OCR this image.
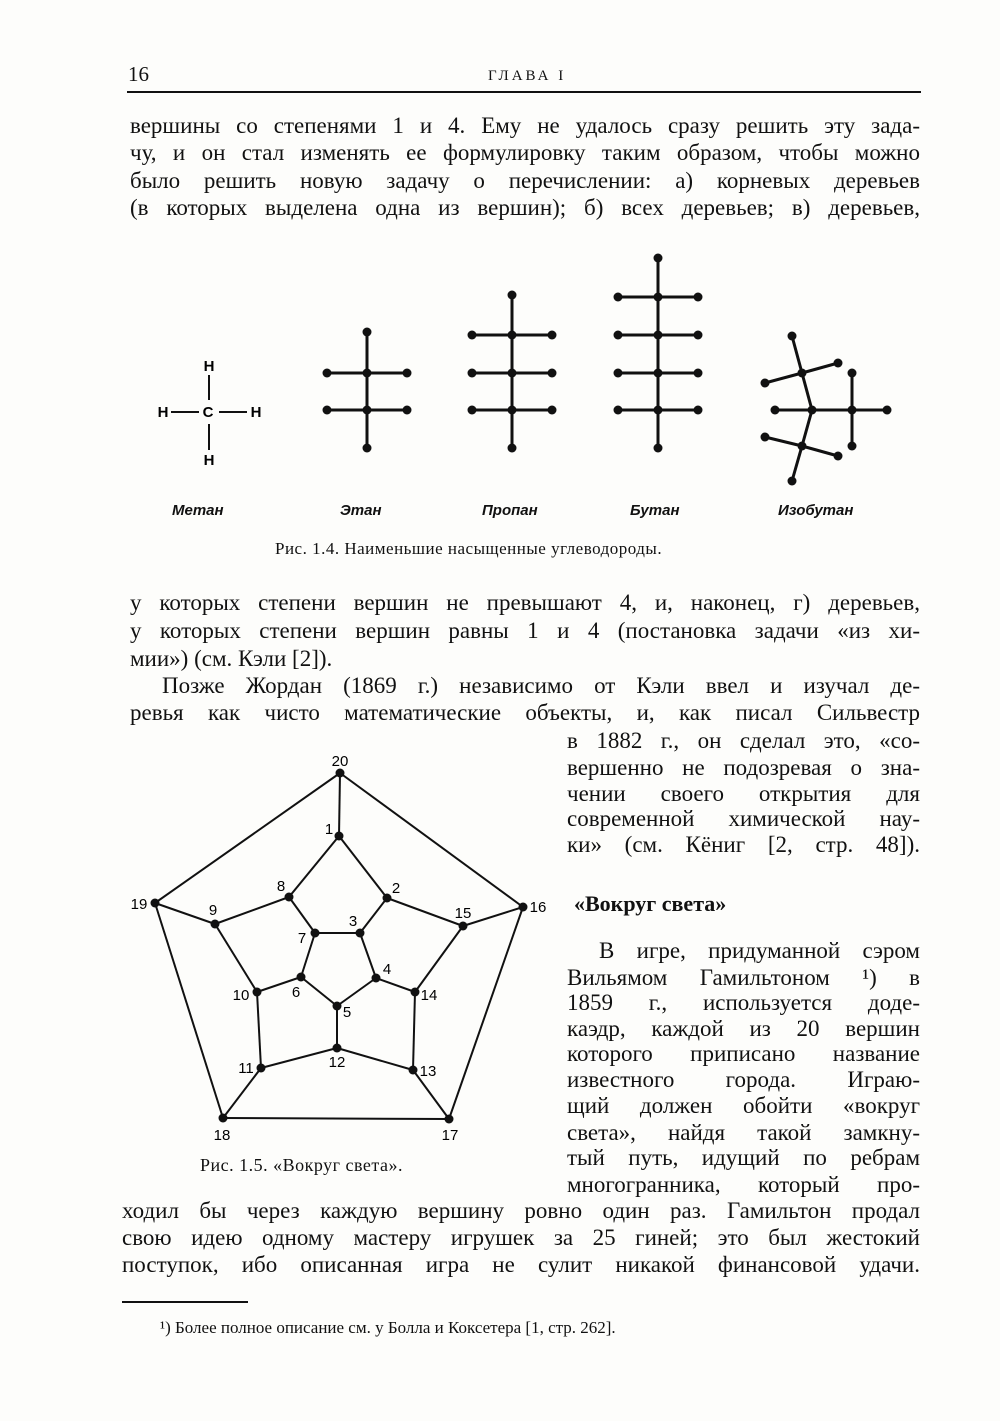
16	ГЛАВА I
вершины со степенями 1 и 4. Ему не удалось сразу решить эту зада-
чу, и он стал изменять ее формулировку таким образом, чтобы можно
было решить новую задачу о перечислении: а) корневых деревьев
(в которых выделена одна из вершин); б) всех деревьев; в) деревьев,
у которых степени вершин не превышают 4, и, наконец, г) деревьев,
у которых степени вершин равны 1 и 4 (постановка задачи «из хи-
мии») (см. Кэли [2]).
Позже Жордан (1869 г.) независимо от Кэли ввел и изучал де-
ревья как чисто математические объекты, и, как писал Сильвестр
в 1882 г., он сделал это, «со-
вершенно не подозревая о зна-
чении своего открытия для
современной химической нау-
ки» (см. Кёниг [2, стр. 48]).
В игре, придуманной сэром
Вильямом Гамильтоном ¹) в
1859 г., используется доде-
каэдр, каждой из 20 вершин
которого приписано название
известного города. Играю-
щий должен обойти «вокруг
света», найдя такой замкну-
тый путь, идущий по ребрам
многогранника, который про-
ходил бы через каждую вершину ровно один раз. Гамильтон продал
свою идею одному мастеру игрушек за 25 гиней; это был жестокий
поступок, ибо описанная игра не сулит никакой финансовой удачи.
H
H C H
H
Метан	Этан	Пропан	Бутан	Изобутан
Рис. 1.4. Наименьшие насыщенные углеводороды.
1
2
3
4
5
6
7
8
9
10
11	12
13
14
15	16
17
18
19
20
Рис. 1.5. «Вокруг света».
«Вокруг света»
¹) Более полное описание см. у Болла и Коксетера [1, стр. 262].
